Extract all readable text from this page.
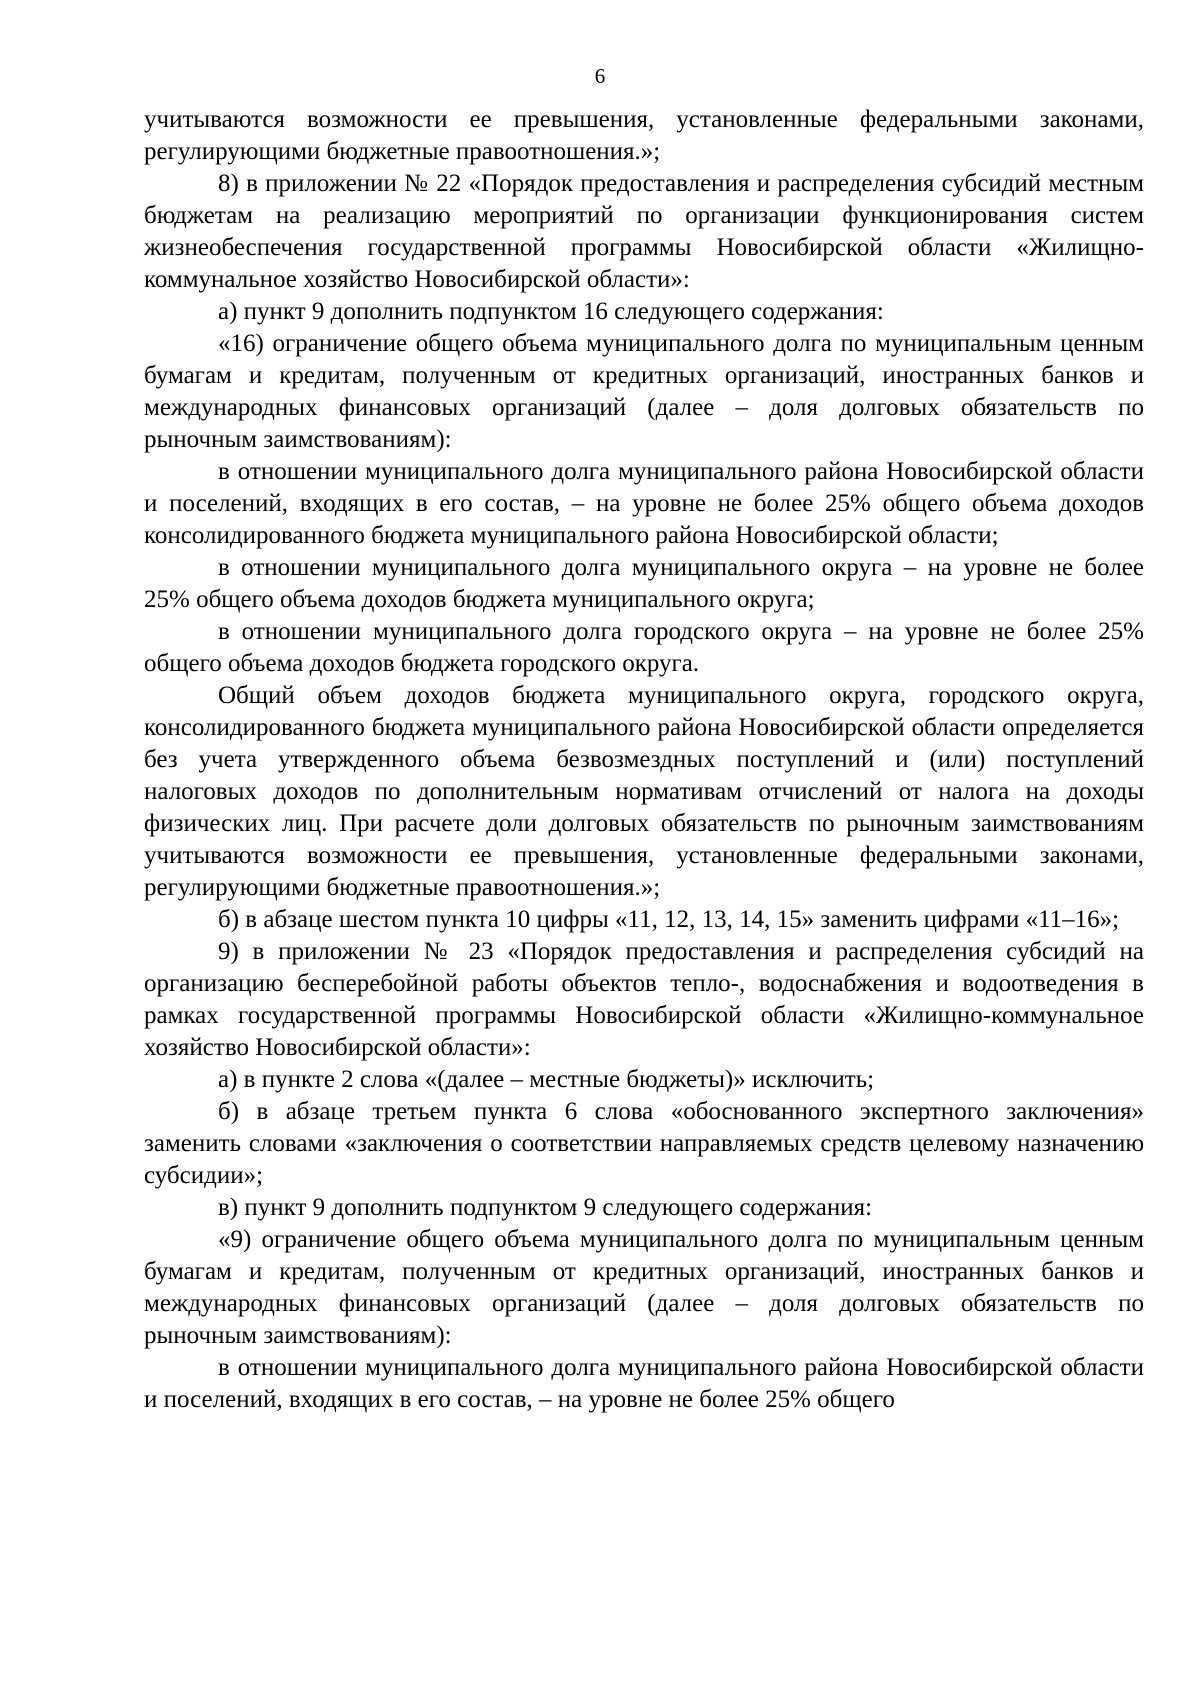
6

учитываются возможности ее превышения, установленные федеральными законами, регулирующими бюджетные правоотношения.»;

8) в приложении № 22 «Порядок предоставления и распределения субсидий местным бюджетам на реализацию мероприятий по организации функционирования систем жизнеобеспечения государственной программы Новосибирской области «Жилищно-коммунальное хозяйство Новосибирской области»:

а) пункт 9 дополнить подпунктом 16 следующего содержания:

«16) ограничение общего объема муниципального долга по муниципальным ценным бумагам и кредитам, полученным от кредитных организаций, иностранных банков и международных финансовых организаций (далее – доля долговых обязательств по рыночным заимствованиям):

в отношении муниципального долга муниципального района Новосибирской области и поселений, входящих в его состав, – на уровне не более 25% общего объема доходов консолидированного бюджета муниципального района Новосибирской области;

в отношении муниципального долга муниципального округа – на уровне не более 25% общего объема доходов бюджета муниципального округа;

в отношении муниципального долга городского округа – на уровне не более 25% общего объема доходов бюджета городского округа.

Общий объем доходов бюджета муниципального округа, городского округа, консолидированного бюджета муниципального района Новосибирской области определяется без учета утвержденного объема безвозмездных поступлений и (или) поступлений налоговых доходов по дополнительным нормативам отчислений от налога на доходы физических лиц. При расчете доли долговых обязательств по рыночным заимствованиям учитываются возможности ее превышения, установленные федеральными законами, регулирующими бюджетные правоотношения.»;

б) в абзаце шестом пункта 10 цифры «11, 12, 13, 14, 15» заменить цифрами «11–16»;

9) в приложении № 23 «Порядок предоставления и распределения субсидий на организацию бесперебойной работы объектов тепло-, водоснабжения и водоотведения в рамках государственной программы Новосибирской области «Жилищно-коммунальное хозяйство Новосибирской области»:

а) в пункте 2 слова «(далее – местные бюджеты)» исключить;

б) в абзаце третьем пункта 6 слова «обоснованного экспертного заключения» заменить словами «заключения о соответствии направляемых средств целевому назначению субсидии»;

в) пункт 9 дополнить подпунктом 9 следующего содержания:

«9) ограничение общего объема муниципального долга по муниципальным ценным бумагам и кредитам, полученным от кредитных организаций, иностранных банков и международных финансовых организаций (далее – доля долговых обязательств по рыночным заимствованиям):

в отношении муниципального долга муниципального района Новосибирской области и поселений, входящих в его состав, – на уровне не более 25% общего
